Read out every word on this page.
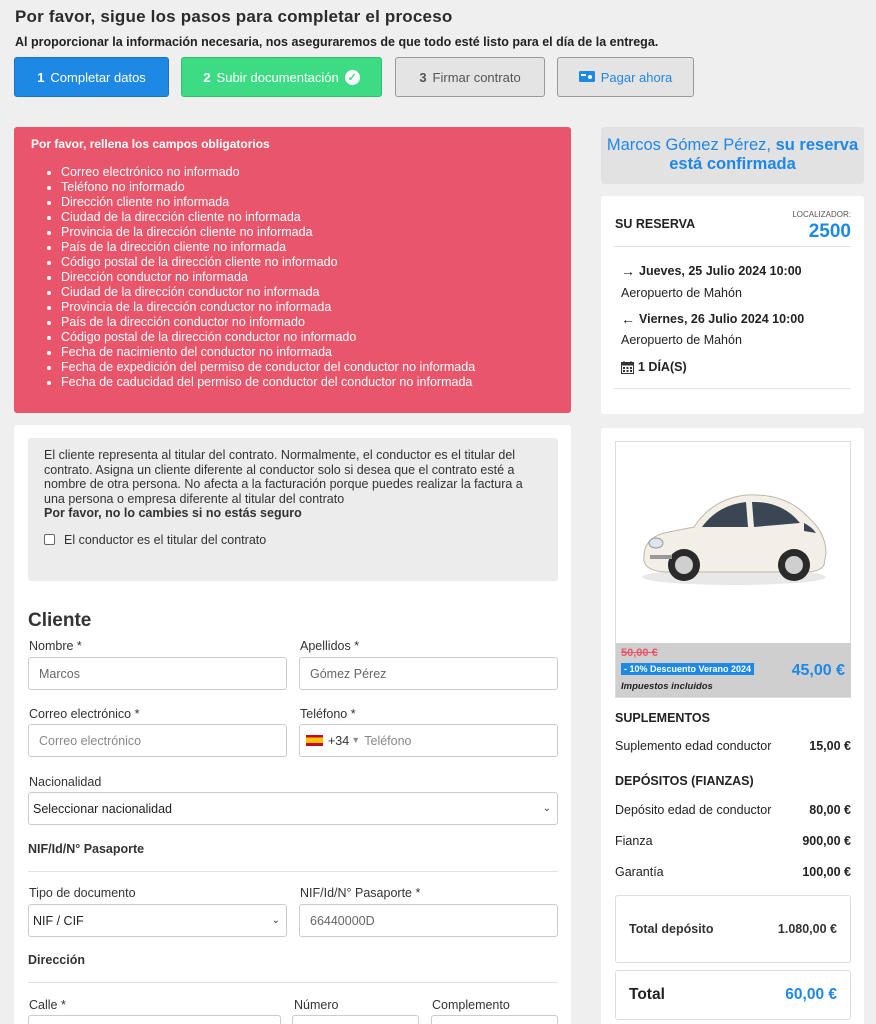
Por favor, sigue los pasos para completar el proceso
Al proporcionar la información necesaria, nos aseguraremos de que todo esté listo para el día de la entrega.
1 Completar datos	2 Subir documentación ✓	3 Firmar contrato	Pagar ahora
Por favor, rellena los campos obligatorios
• Correo electrónico no informado
• Teléfono no informado
• Dirección cliente no informada
• Ciudad de la dirección cliente no informada
• Provincia de la dirección cliente no informada
• País de la dirección cliente no informada
• Código postal de la dirección cliente no informado
• Dirección conductor no informada
• Ciudad de la dirección conductor no informada
• Provincia de la dirección conductor no informada
• País de la dirección conductor no informado
• Código postal de la dirección conductor no informado
• Fecha de nacimiento del conductor no informada
• Fecha de expedición del permiso de conductor del conductor no informada
• Fecha de caducidad del permiso de conductor del conductor no informada
El cliente representa al titular del contrato. Normalmente, el conductor es el titular del contrato. Asigna un cliente diferente al conductor solo si desea que el contrato esté a nombre de otra persona. No afecta a la facturación porque puedes realizar la factura a una persona o empresa diferente al titular del contrato
Por favor, no lo cambies si no estás seguro
El conductor es el titular del contrato
Cliente
Nombre *
Marcos
Apellidos *
Gómez Pérez
Correo electrónico *
Correo electrónico
Teléfono *
+34 ▾ Teléfono
Nacionalidad
Seleccionar nacionalidad	⌄
NIF/Id/N° Pasaporte
Tipo de documento
NIF / CIF	⌄
NIF/Id/N° Pasaporte *
66440000D
Dirección
Calle *	Número	Complemento
Marcos Gómez Pérez, su reserva está confirmada
SU RESERVA
LOCALIZADOR:
2500
→ Jueves, 25 Julio 2024 10:00
Aeropuerto de Mahón
← Viernes, 26 Julio 2024 10:00
Aeropuerto de Mahón
1 DÍA(S)
50,00 €
- 10% Descuento Verano 2024
Impuestos incluidos
45,00 €
SUPLEMENTOS
Suplemento edad conductor	15,00 €
DEPÓSITOS (FIANZAS)
Depósito edad de conductor	80,00 €
Fianza	900,00 €
Garantía	100,00 €
Total depósito	1.080,00 €
Total	60,00 €
